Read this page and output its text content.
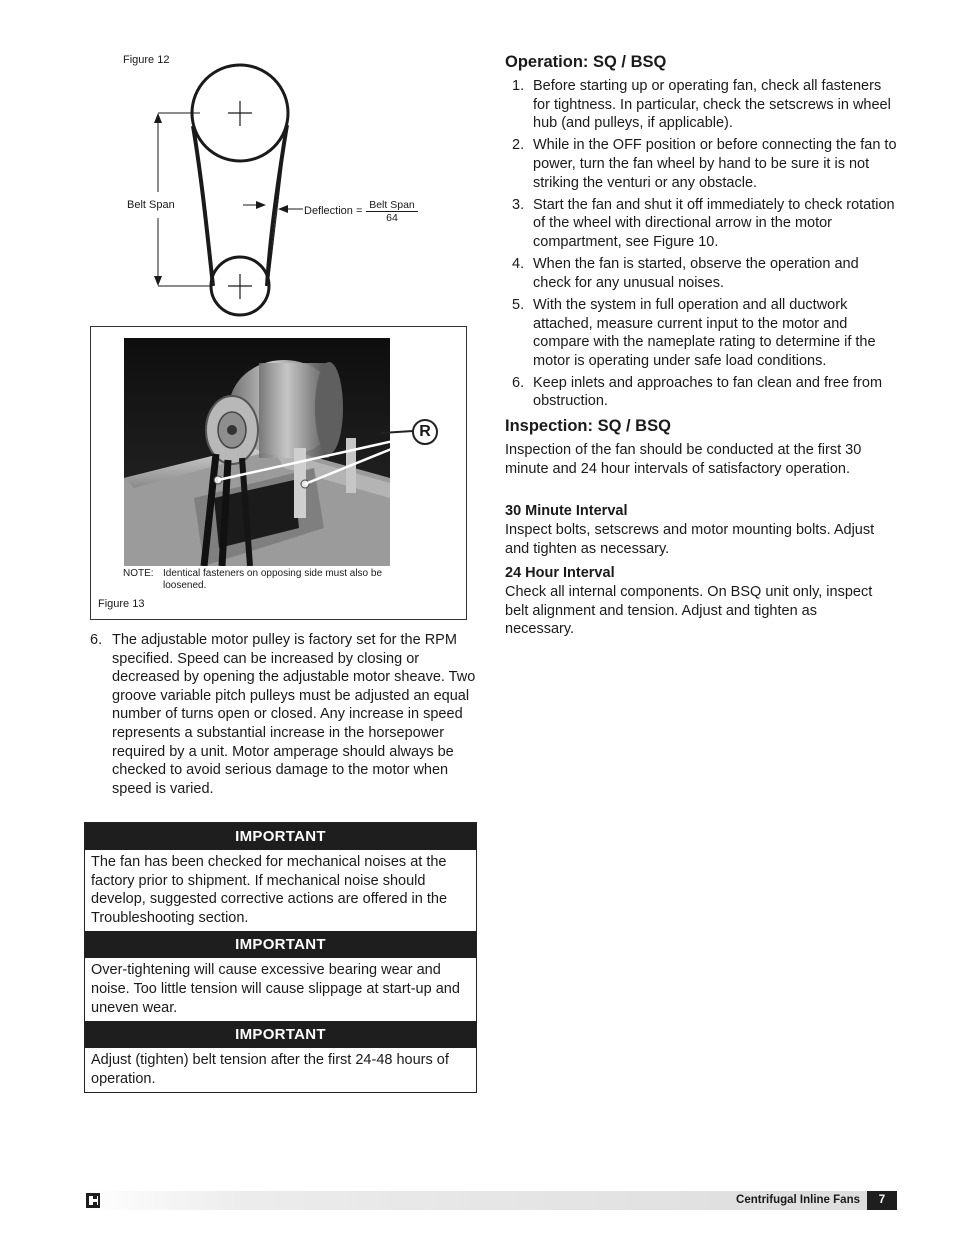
Figure 12
Belt Span	Deflection = Belt Span
64
R
NOTE: Identical fasteners on opposing side must also be loosened.
Figure 13
6. The adjustable motor pulley is factory set for the RPM specified. Speed can be increased by closing or decreased by opening the adjustable motor sheave. Two groove variable pitch pulleys must be adjusted an equal number of turns open or closed. Any increase in speed represents a substantial increase in the horsepower required by a unit. Motor amperage should always be checked to avoid serious damage to the motor when speed is varied.
IMPORTANT
The fan has been checked for mechanical noises at the factory prior to shipment. If mechanical noise should develop, suggested corrective actions are offered in the Troubleshooting section.
IMPORTANT
Over-tightening will cause excessive bearing wear and noise. Too little tension will cause slippage at start-up and uneven wear.
IMPORTANT
Adjust (tighten) belt tension after the first 24-48 hours of operation.
Operation: SQ / BSQ
1. Before starting up or operating fan, check all fasteners for tightness. In particular, check the setscrews in wheel hub (and pulleys, if applicable).
2. While in the OFF position or before connecting the fan to power, turn the fan wheel by hand to be sure it is not striking the venturi or any obstacle.
3. Start the fan and shut it off immediately to check rotation of the wheel with directional arrow in the motor compartment, see Figure 10.
4. When the fan is started, observe the operation and check for any unusual noises.
5. With the system in full operation and all ductwork attached, measure current input to the motor and compare with the nameplate rating to determine if the motor is operating under safe load conditions.
6. Keep inlets and approaches to fan clean and free from obstruction.
Inspection: SQ / BSQ
Inspection of the fan should be conducted at the first 30 minute and 24 hour intervals of satisfactory operation.
30 Minute Interval
Inspect bolts, setscrews and motor mounting bolts. Adjust and tighten as necessary.
24 Hour Interval
Check all internal components. On BSQ unit only, inspect belt alignment and tension. Adjust and tighten as necessary.
Centrifugal Inline Fans	7
